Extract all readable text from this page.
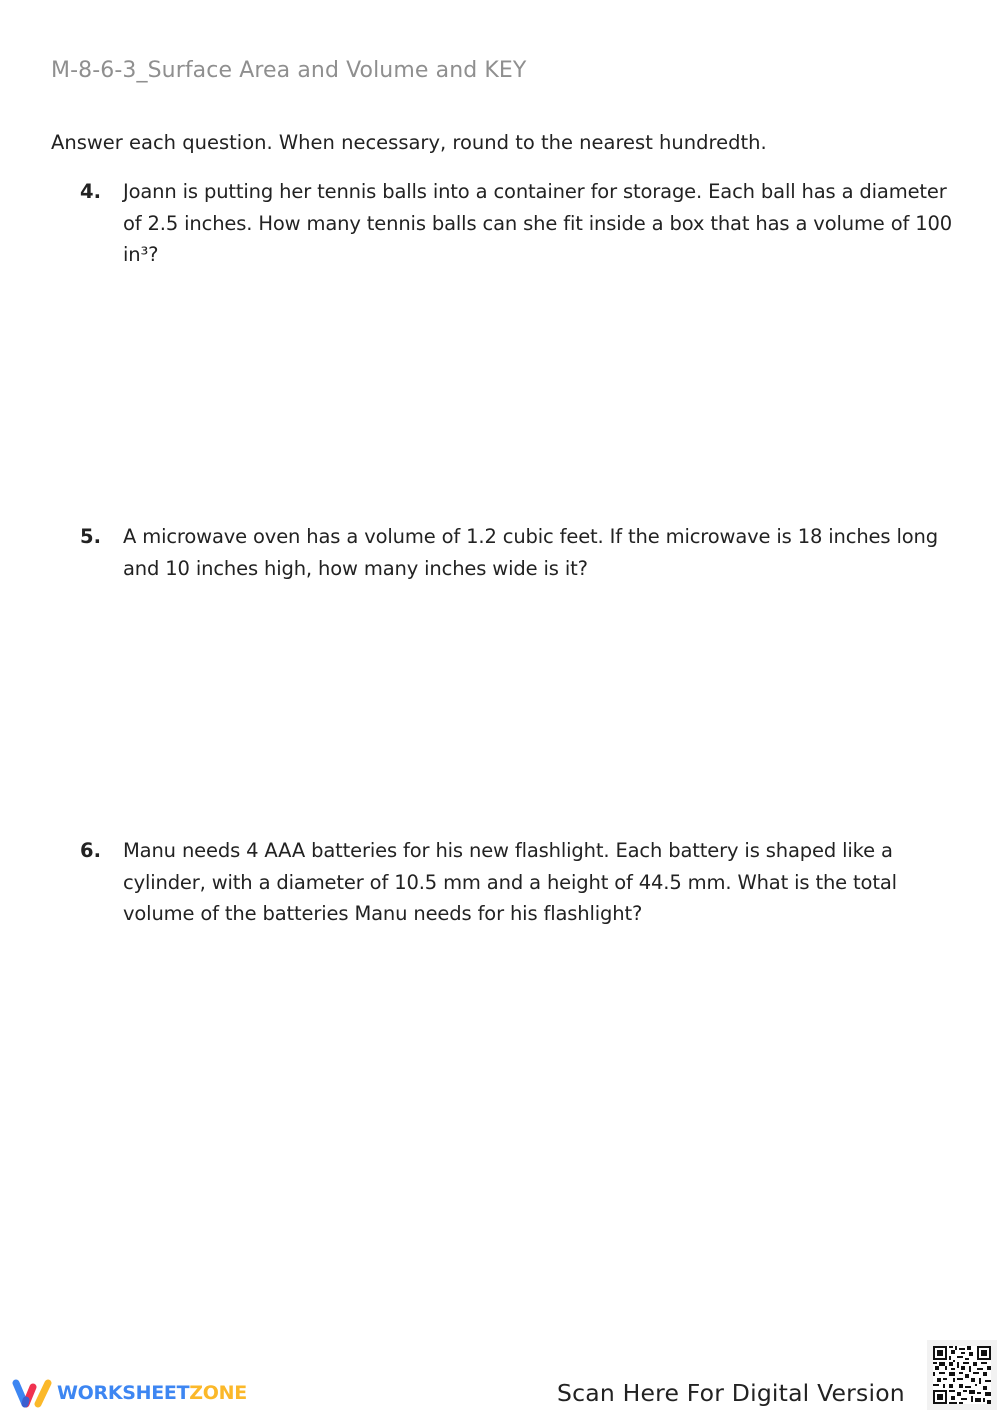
M-8-6-3_Surface Area and Volume and KEY
Answer each question. When necessary, round to the nearest hundredth.
4.	Joann is putting her tennis balls into a container for storage. Each ball has a diameter of 2.5 inches. How many tennis balls can she fit inside a box that has a volume of 100 in³?
5.	A microwave oven has a volume of 1.2 cubic feet. If the microwave is 18 inches long and 10 inches high, how many inches wide is it?
6.	Manu needs 4 AAA batteries for his new flashlight. Each battery is shaped like a cylinder, with a diameter of 10.5 mm and a height of 44.5 mm. What is the total volume of the batteries Manu needs for his flashlight?
WORKSHEETZONE	Scan Here For Digital Version
